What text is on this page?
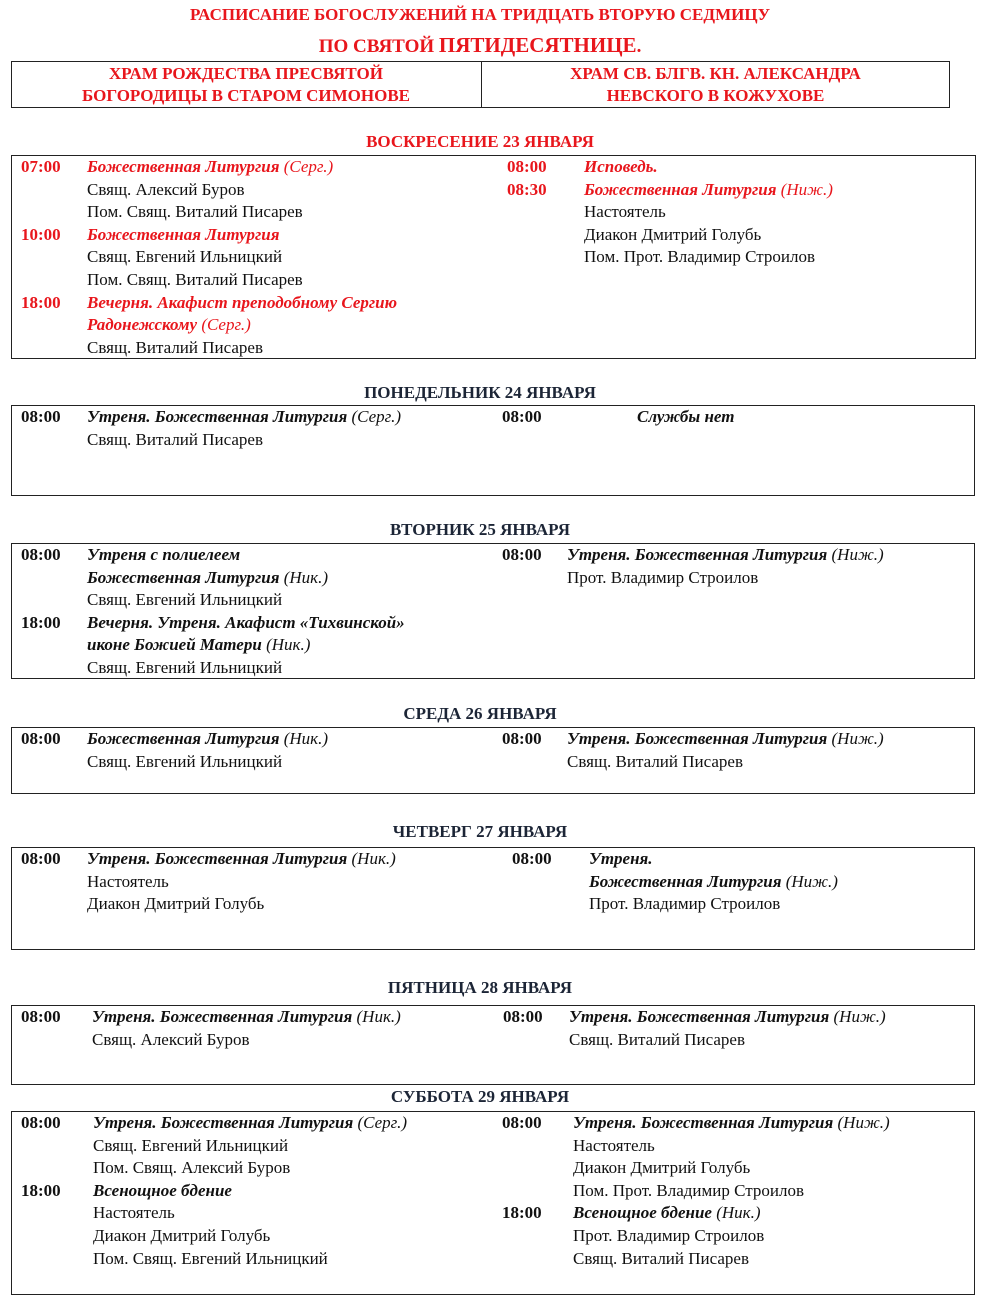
РАСПИСАНИЕ БОГОСЛУЖЕНИЙ НА ТРИДЦАТЬ ВТОРУЮ СЕДМИЦУ
ПО СВЯТОЙ ПЯТИДЕСЯТНИЦЕ.
ХРАМ РОЖДЕСТВА ПРЕСВЯТОЙ
БОГОРОДИЦЫ В СТАРОМ СИМОНОВЕ
ХРАМ СВ. БЛГВ. КН. АЛЕКСАНДРА
НЕВСКОГО В КОЖУХОВЕ
ВОСКРЕСЕНИЕ 23 ЯНВАРЯ
07:00 Божественная Литургия (Серг.)
Свящ. Алексий Буров
Пом. Свящ. Виталий Писарев
10:00 Божественная Литургия
Свящ. Евгений Ильницкий
Пом. Свящ. Виталий Писарев
18:00 Вечерня. Акафист преподобному Сергию
Радонежскому (Серг.)
Свящ. Виталий Писарев
08:00 Исповедь.
08:30 Божественная Литургия (Ниж.)
Настоятель
Диакон Дмитрий Голубь
Пом. Прот. Владимир Строилов
ПОНЕДЕЛЬНИК 24 ЯНВАРЯ
08:00 Утреня. Божественная Литургия (Серг.)
Свящ. Виталий Писарев
08:00	Службы нет
ВТОРНИК 25 ЯНВАРЯ
08:00 Утреня с полиелеем
Божественная Литургия (Ник.)
Свящ. Евгений Ильницкий
18:00 Вечерня. Утреня. Акафист «Тихвинской»
иконе Божией Матери (Ник.)
Свящ. Евгений Ильницкий
08:00 Утреня. Божественная Литургия (Ниж.)
Прот. Владимир Строилов
СРЕДА 26 ЯНВАРЯ
08:00 Божественная Литургия (Ник.)
Свящ. Евгений Ильницкий
08:00 Утреня. Божественная Литургия (Ниж.)
Свящ. Виталий Писарев
ЧЕТВЕРГ 27 ЯНВАРЯ
08:00 Утреня. Божественная Литургия (Ник.)
Настоятель
Диакон Дмитрий Голубь
08:00 Утреня.
Божественная Литургия (Ниж.)
Прот. Владимир Строилов
ПЯТНИЦА 28 ЯНВАРЯ
08:00 Утреня. Божественная Литургия (Ник.)
Свящ. Алексий Буров
08:00 Утреня. Божественная Литургия (Ниж.)
Свящ. Виталий Писарев
СУББОТА 29 ЯНВАРЯ
08:00 Утреня. Божественная Литургия (Серг.)
Свящ. Евгений Ильницкий
Пом. Свящ. Алексий Буров
18:00 Всенощное бдение
Настоятель
Диакон Дмитрий Голубь
Пом. Свящ. Евгений Ильницкий
08:00 Утреня. Божественная Литургия (Ниж.)
Настоятель
Диакон Дмитрий Голубь
Пом. Прот. Владимир Строилов
18:00 Всенощное бдение (Ник.)
Прот. Владимир Строилов
Свящ. Виталий Писарев
